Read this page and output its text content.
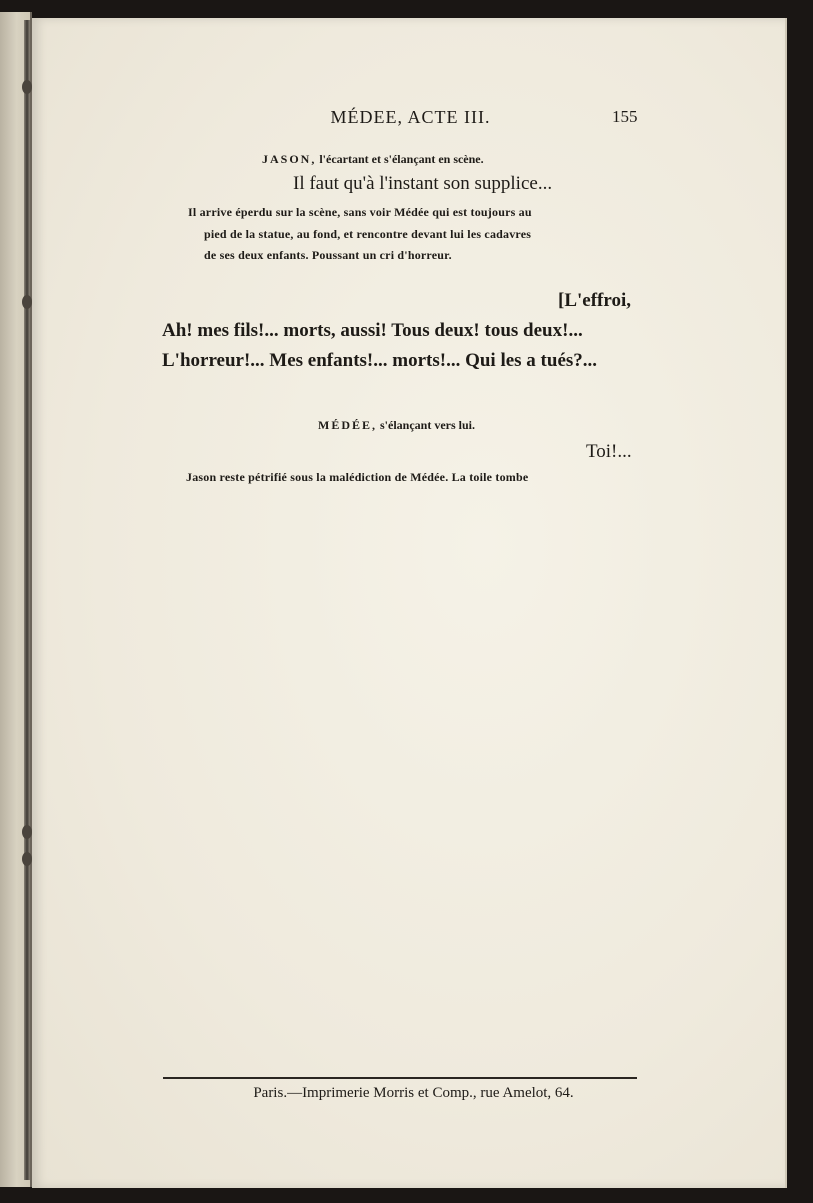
MÉDEE, ACTE III.	155
JASON, l'écartant et s'élançant en scène.
Il faut qu'à l'instant son supplice...
Il arrive éperdu sur la scène, sans voir Médée qui est toujours au
pied de la statue, au fond, et rencontre devant lui les cadavres
de ses deux enfants. Poussant un cri d'horreur.
[L'effroi,
Ah! mes fils!... morts, aussi! Tous deux! tous deux!...
L'horreur!... Mes enfants!... morts!... Qui les a tués?...
MÉDÉE, s'élançant vers lui.
Toi!...
Jason reste pétrifié sous la malédiction de Médée. La toile tombe
Paris.—Imprimerie Morris et Comp., rue Amelot, 64.
